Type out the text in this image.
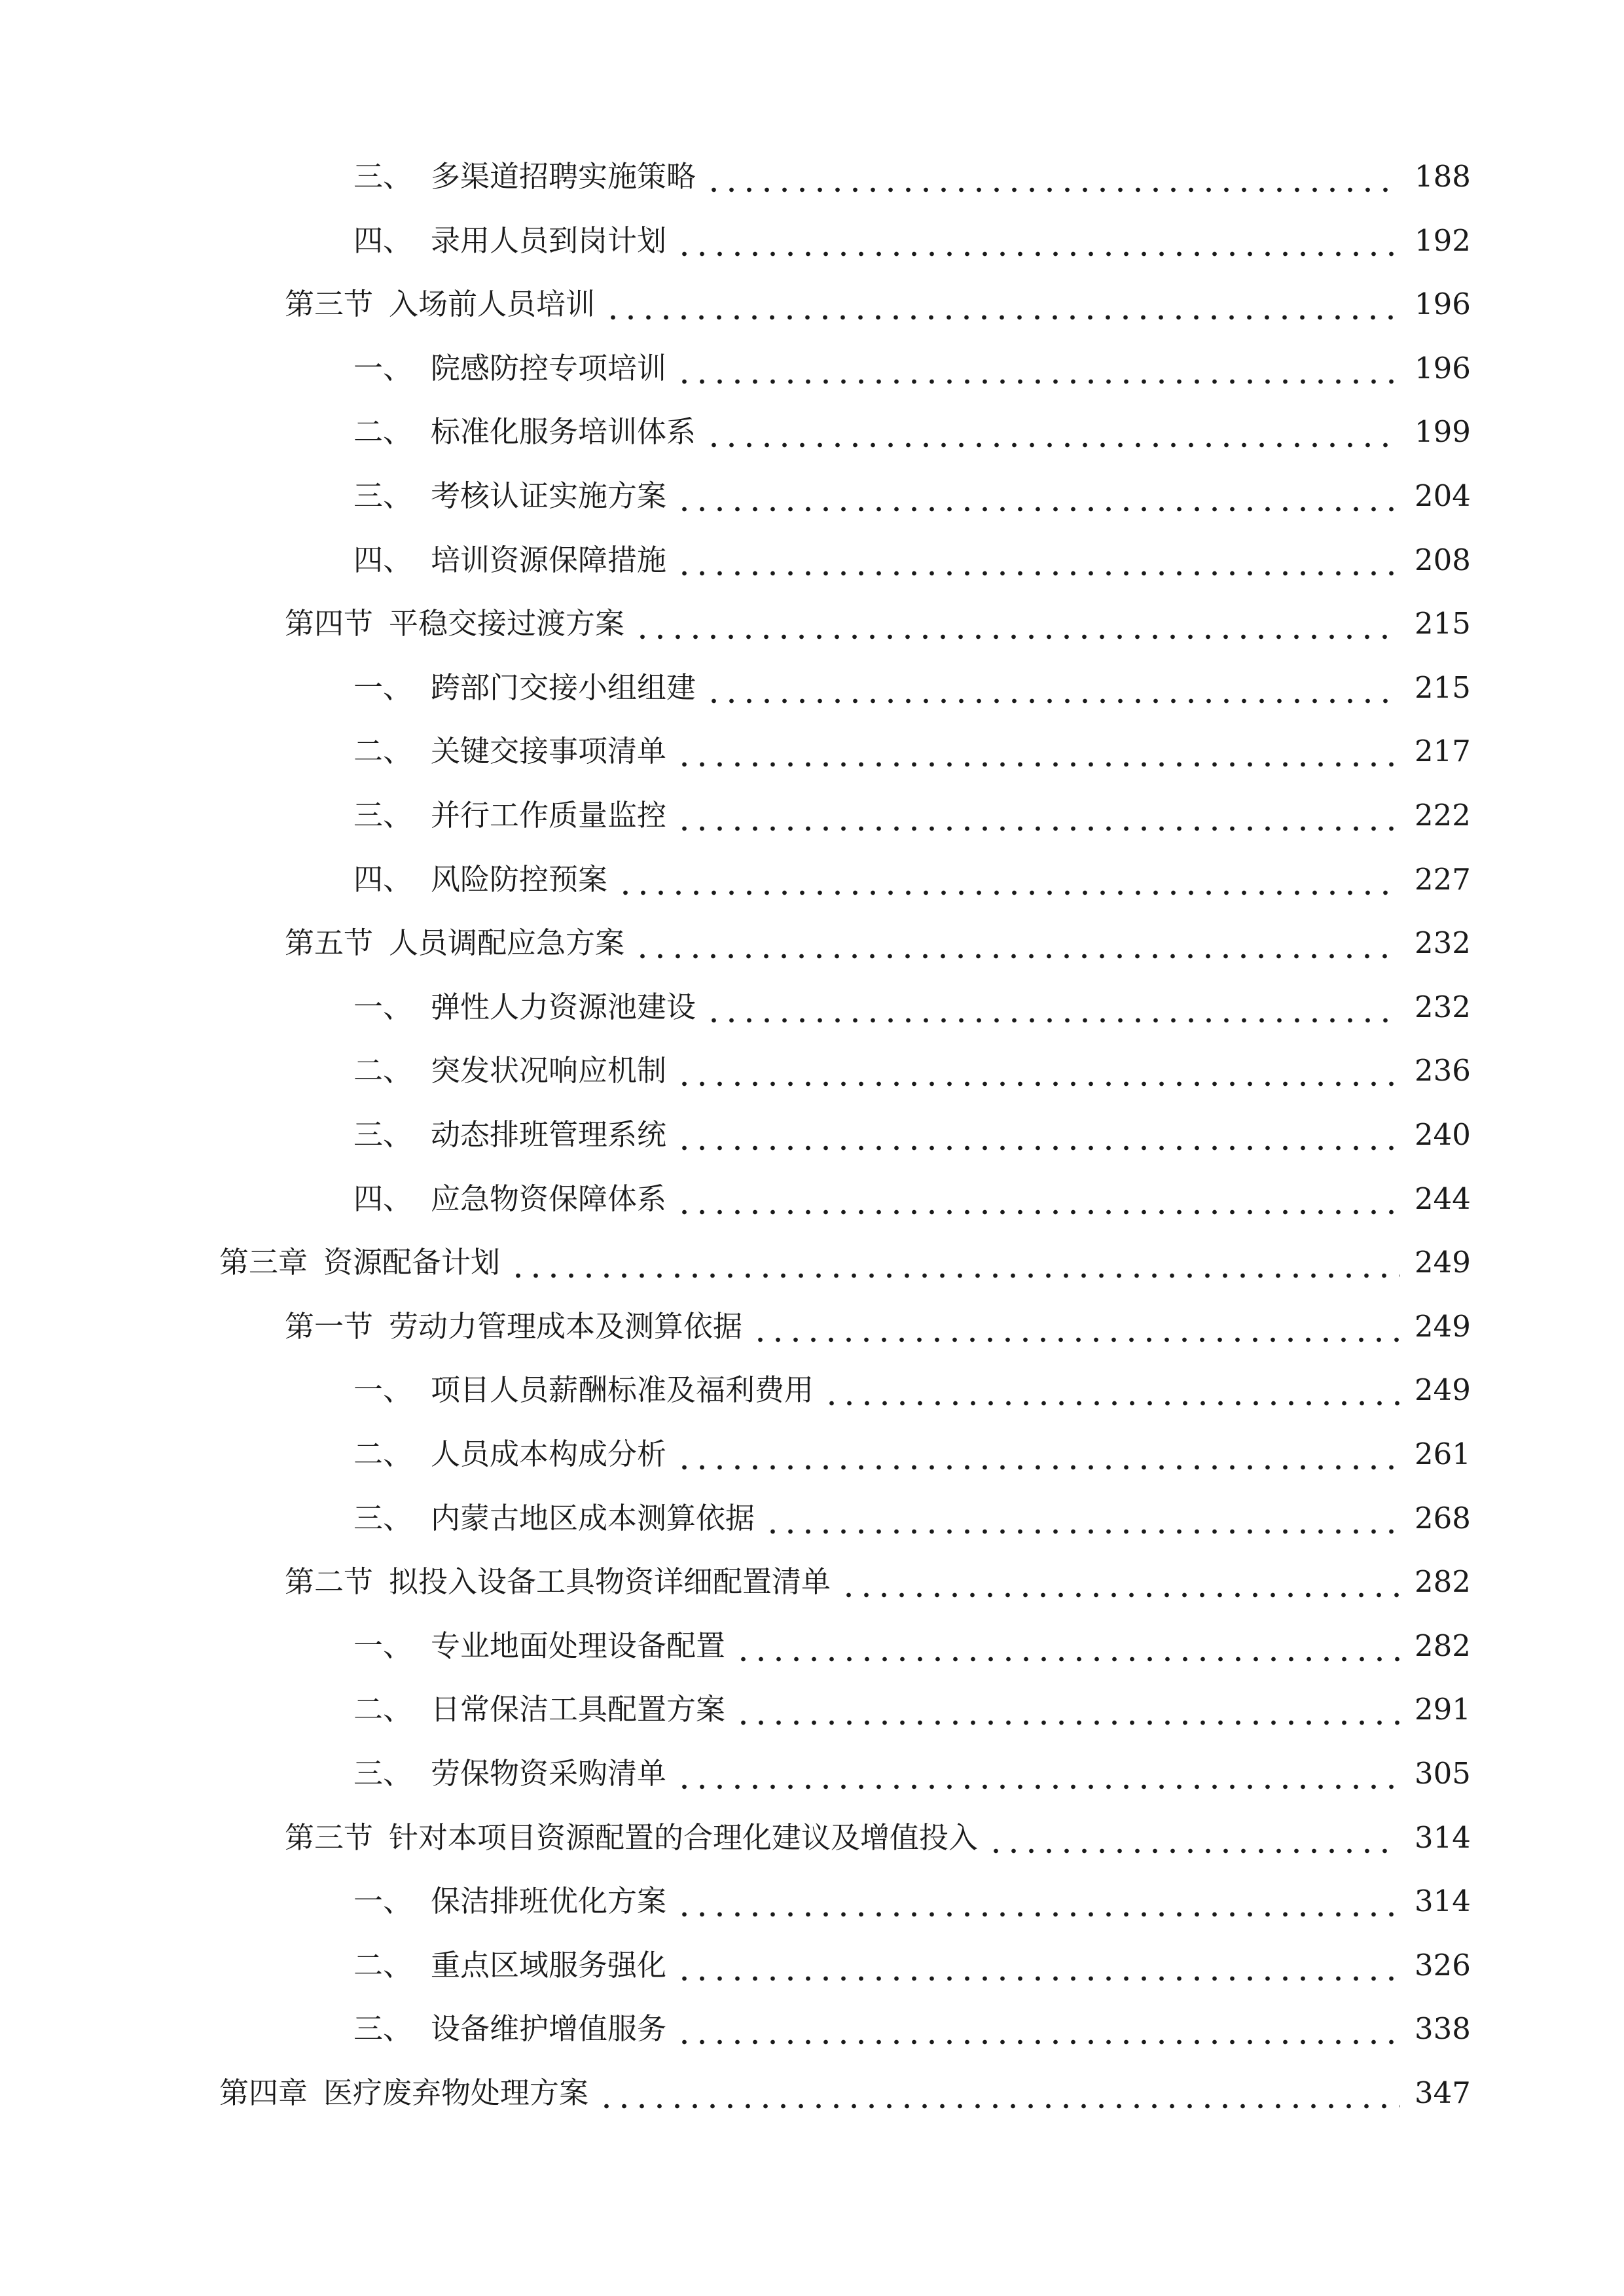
三、 多渠道招聘实施策略	188
四、 录用人员到岗计划	192
第三节 入场前人员培训	196
一、 院感防控专项培训	196
二、 标准化服务培训体系	199
三、 考核认证实施方案	204
四、 培训资源保障措施	208
第四节 平稳交接过渡方案	215
一、 跨部门交接小组组建	215
二、 关键交接事项清单	217
三、 并行工作质量监控	222
四、 风险防控预案	227
第五节 人员调配应急方案	232
一、 弹性人力资源池建设	232
二、 突发状况响应机制	236
三、 动态排班管理系统	240
四、 应急物资保障体系	244
第三章 资源配备计划	249
第一节 劳动力管理成本及测算依据	249
一、 项目人员薪酬标准及福利费用	249
二、 人员成本构成分析	261
三、 内蒙古地区成本测算依据	268
第二节 拟投入设备工具物资详细配置清单	282
一、 专业地面处理设备配置	282
二、 日常保洁工具配置方案	291
三、 劳保物资采购清单	305
第三节 针对本项目资源配置的合理化建议及增值投入	314
一、 保洁排班优化方案	314
二、 重点区域服务强化	326
三、 设备维护增值服务	338
第四章 医疗废弃物处理方案	347
